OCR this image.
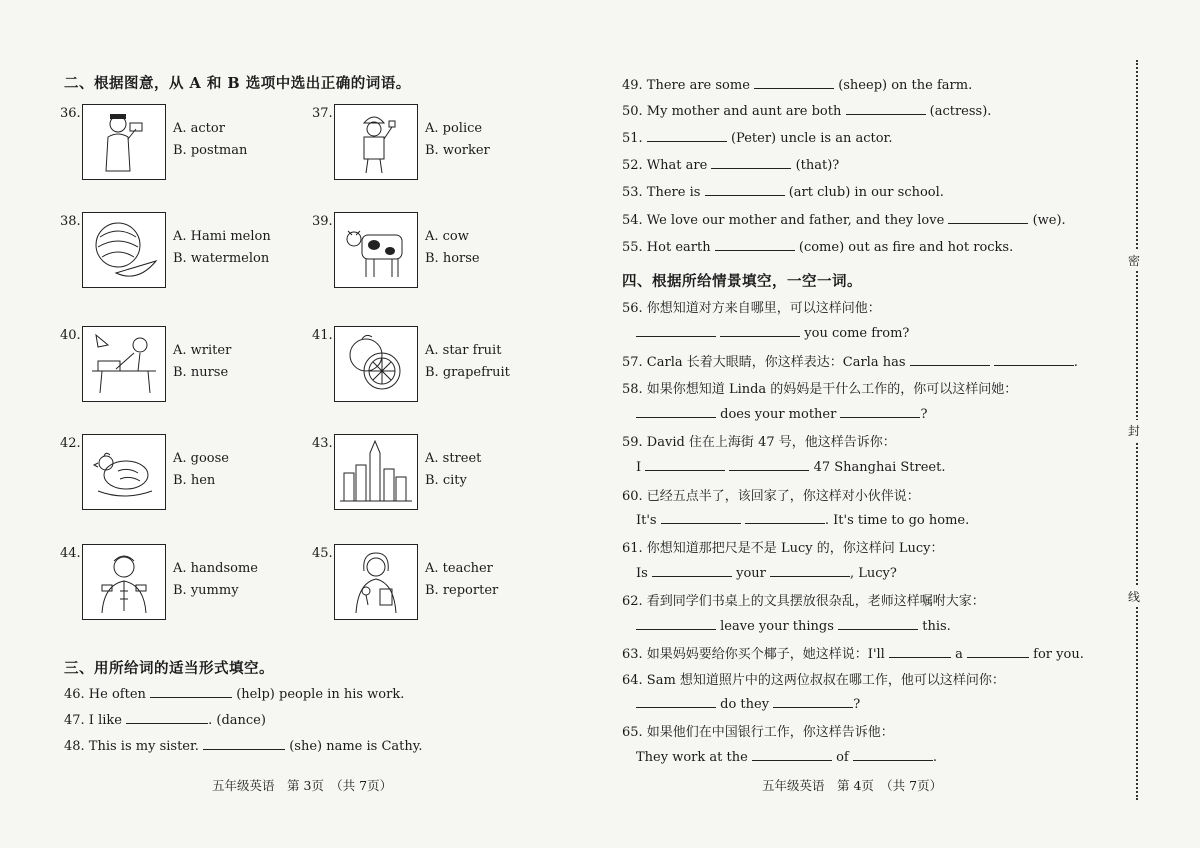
二、根据图意，从 A 和 B 选项中选出正确的词语。
36.
A. actor
B. postman
37.
A. police
B. worker
38.
A. Hami melon
B. watermelon
39.
A. cow
B. horse
40.
A. writer
B. nurse
41.
A. star fruit
B. grapefruit
42.
A. goose
B. hen
43.
A. street
B. city
44.
A. handsome
B. yummy
45.
A. teacher
B. reporter
三、用所给词的适当形式填空。
46. He often	(help) people in his work.
47. I like	. (dance)
48. This is my sister.	(she) name is Cathy.
49. There are some	(sheep) on the farm.
50. My mother and aunt are both	(actress).
51.	(Peter) uncle is an actor.
52. What are	(that)?
53. There is	(art club) in our school.
54. We love our mother and father, and they love	(we).
55. Hot earth	(come) out as fire and hot rocks.
四、根据所给情景填空，一空一词。
56. 你想知道对方来自哪里，可以这样问他：
you come from?
57. Carla 长着大眼睛，你这样表达：Carla has	.
58. 如果你想知道 Linda 的妈妈是干什么工作的，你可以这样问她：
does your mother	?
59. David 住在上海街 47 号，他这样告诉你：
I	47 Shanghai Street.
60. 已经五点半了，该回家了，你这样对小伙伴说：
It's	. It's time to go home.
61. 你想知道那把尺是不是 Lucy 的，你这样问 Lucy：
Is	your	, Lucy?
62. 看到同学们书桌上的文具摆放很杂乱，老师这样嘱咐大家：
leave your things	this.
63. 如果妈妈要给你买个椰子，她这样说：I'll	a	for you.
64. Sam 想知道照片中的这两位叔叔在哪工作，他可以这样问你：
do they	?
65. 如果他们在中国银行工作，你这样告诉他：
They work at the	of	.
五年级英语　第 3页　（共 7页）	五年级英语　第 4页　（共 7页）
密
封
线
